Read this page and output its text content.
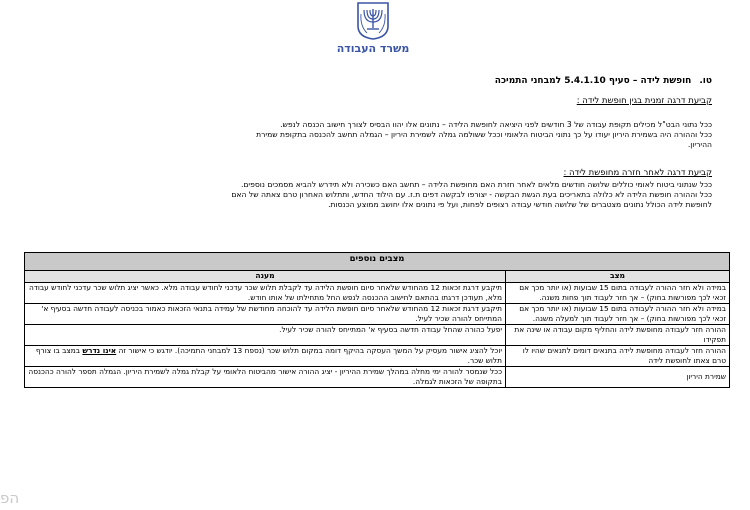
משרד העבודה
טו.חופשת לידה – סעיף 5.4.1.10 למבחני התמיכה
קביעת דרגה זמנית בגין חופשת לידה :
ככל נתוני הבט"ל מכילים תקופת עבודה של 3 חודשים לפני היציאה לחופשת הלידה – נתונים אלו יהוו הבסיס לצורך חישוב הכנסה לנפש.
ככל וההורה היה בשמירת היריון יעודו על כך נתוני הביטוח הלאומי וככל ששולמה גמלה לשמירת היריון – הגמלה תחשב להכנסה בתקופת שמירת
ההיריון.
קביעת דרגה לאחר חזרה מחופשת לידה :
ככל שנתוני ביטוח לאומי כוללים שלושה חודשים מלאים לאחר חזרת האם מחופשת הלידה – תחשב האם כשכירה ולא תידרש להביא מסמכים נוספים.
ככל וההורה חופשת הלידה לא כלולה בתאריכים בעת הגשת הבקשה - יצורפו לבקשה דפים ת.ז. עם הילוד החדש, ותתלוש האחרון טרם צאתה של האם
לחופשת לידה הכולל נתונים מצטברים של שלושה חודשי עבודה רצופים לפחות, ועל פי נתונים אלו יחושב ממוצע הכנסות.
מצבים נוספים	
מצב	מענה
במידה ולא חזר ההורה לעבודה בתום 15 שבועות (או יותר מכך אם זכאי לכך מפורשות בחוק) – אך חזר לעבוד תוך פחות משנה.	תיקבע דרגת זכאות 12 מהחודש שלאחר סיום חופשת הלידה עד לקבלת תלוש שכר עדכני לחודש עבודה מלא. כאשר יציג תלוש שכר עדכני לחודש עבודה מלא, תעודכן דרגתו בהתאם לחישוב ההכנסה לנפש החל מתחילתו של אותו חודש.
במידה ולא חזר ההורה לעבודה בתום 15 שבועות (או יותר מכך אם זכאי לכך מפורשות בחוק) – אך חזר לעבוד תוך למעלה משנה.	תיקבע דרגת זכאות 12 מהחודש שלאחר סיום חופשת הלידה עד להוכחה מחודשת של עמידה בתנאי הזכאות כאמור בכניסה לעבודה חדשה בסעיף א' המתייחס להורה שכיר לעיל.
ההורה חזר לעבודה מחופשת לידה והחליף מקום עבודה או שינה את תפקידו	יפעל כהורה שהחל עבודה חדשה בסעיף א' המתייחס להורה שכיר לעיל.
ההורה חזר לעבודה מחופשת לידה בתנאים דומים לתנאים שהיו לו טרם צאתו לחופשת לידה	יוכל להציג אישור מעסיק על המשך העסקה בהיקף דומה במקום תלוש שכר (נספח 13 למבחני התמיכה). יודגש כי אישור זה אינו נדרש במצב בו צורף תלוש שכר.
שמירת היריון	ככל שנמסר להורה ימי מחלה במהלך שמירת ההיריון - יציג ההורה אישור מהביטוח הלאומי על קבלת גמלה לשמירת היריון. הגמלה תספר להורה כהכנסה בתקופה של הזכאות לגמלה.
הפ
